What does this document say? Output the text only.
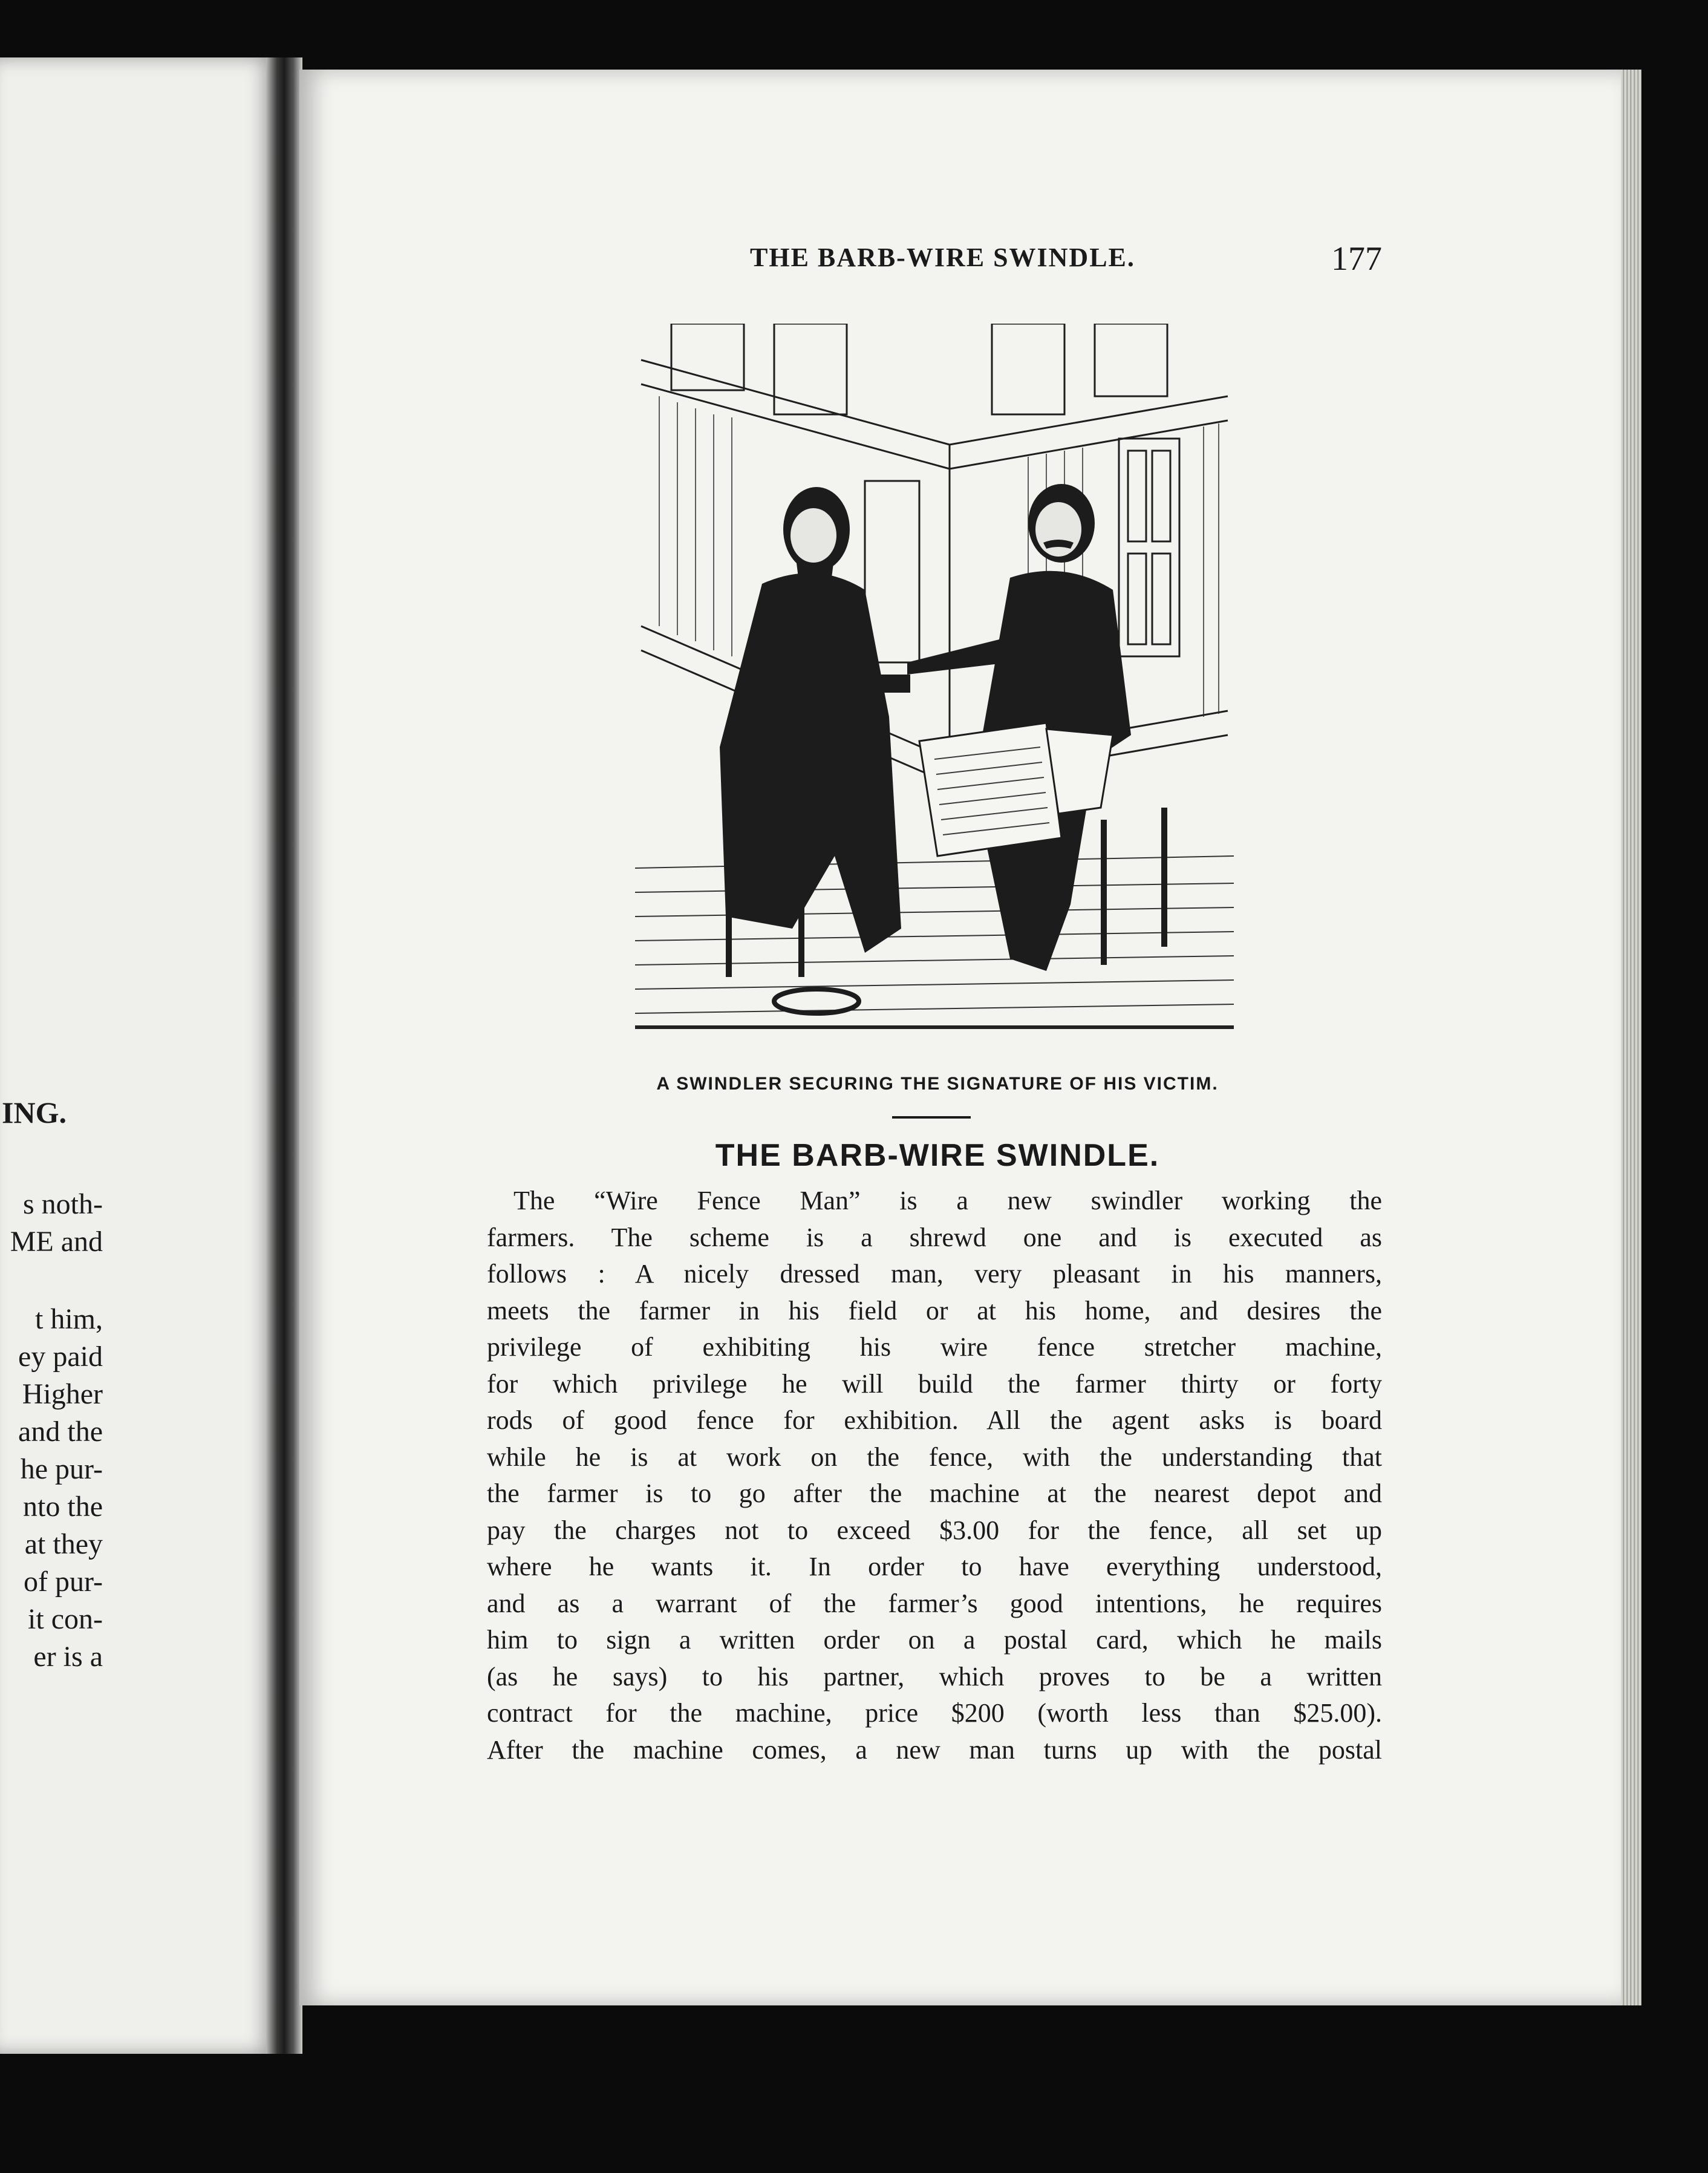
ING.
s noth-
ME and
t him,
ey paid
Higher
and the
he pur-
nto the
at they
of pur-
it con-
er is a
THE BARB-WIRE SWINDLE.	177
A SWINDLER SECURING THE SIGNATURE OF HIS VICTIM.
THE BARB-WIRE SWINDLE.
The “Wire Fence Man” is a new swindler working the
farmers. The scheme is a shrewd one and is executed as
follows : A nicely dressed man, very pleasant in his manners,
meets the farmer in his field or at his home, and desires the
privilege of exhibiting his wire fence stretcher machine,
for which privilege he will build the farmer thirty or forty
rods of good fence for exhibition. All the agent asks is board
while he is at work on the fence, with the understanding that
the farmer is to go after the machine at the nearest depot and
pay the charges not to exceed $3.00 for the fence, all set up
where he wants it. In order to have everything understood,
and as a warrant of the farmer’s good intentions, he requires
him to sign a written order on a postal card, which he mails
(as he says) to his partner, which proves to be a written
contract for the machine, price $200 (worth less than $25.00).
After the machine comes, a new man turns up with the postal
